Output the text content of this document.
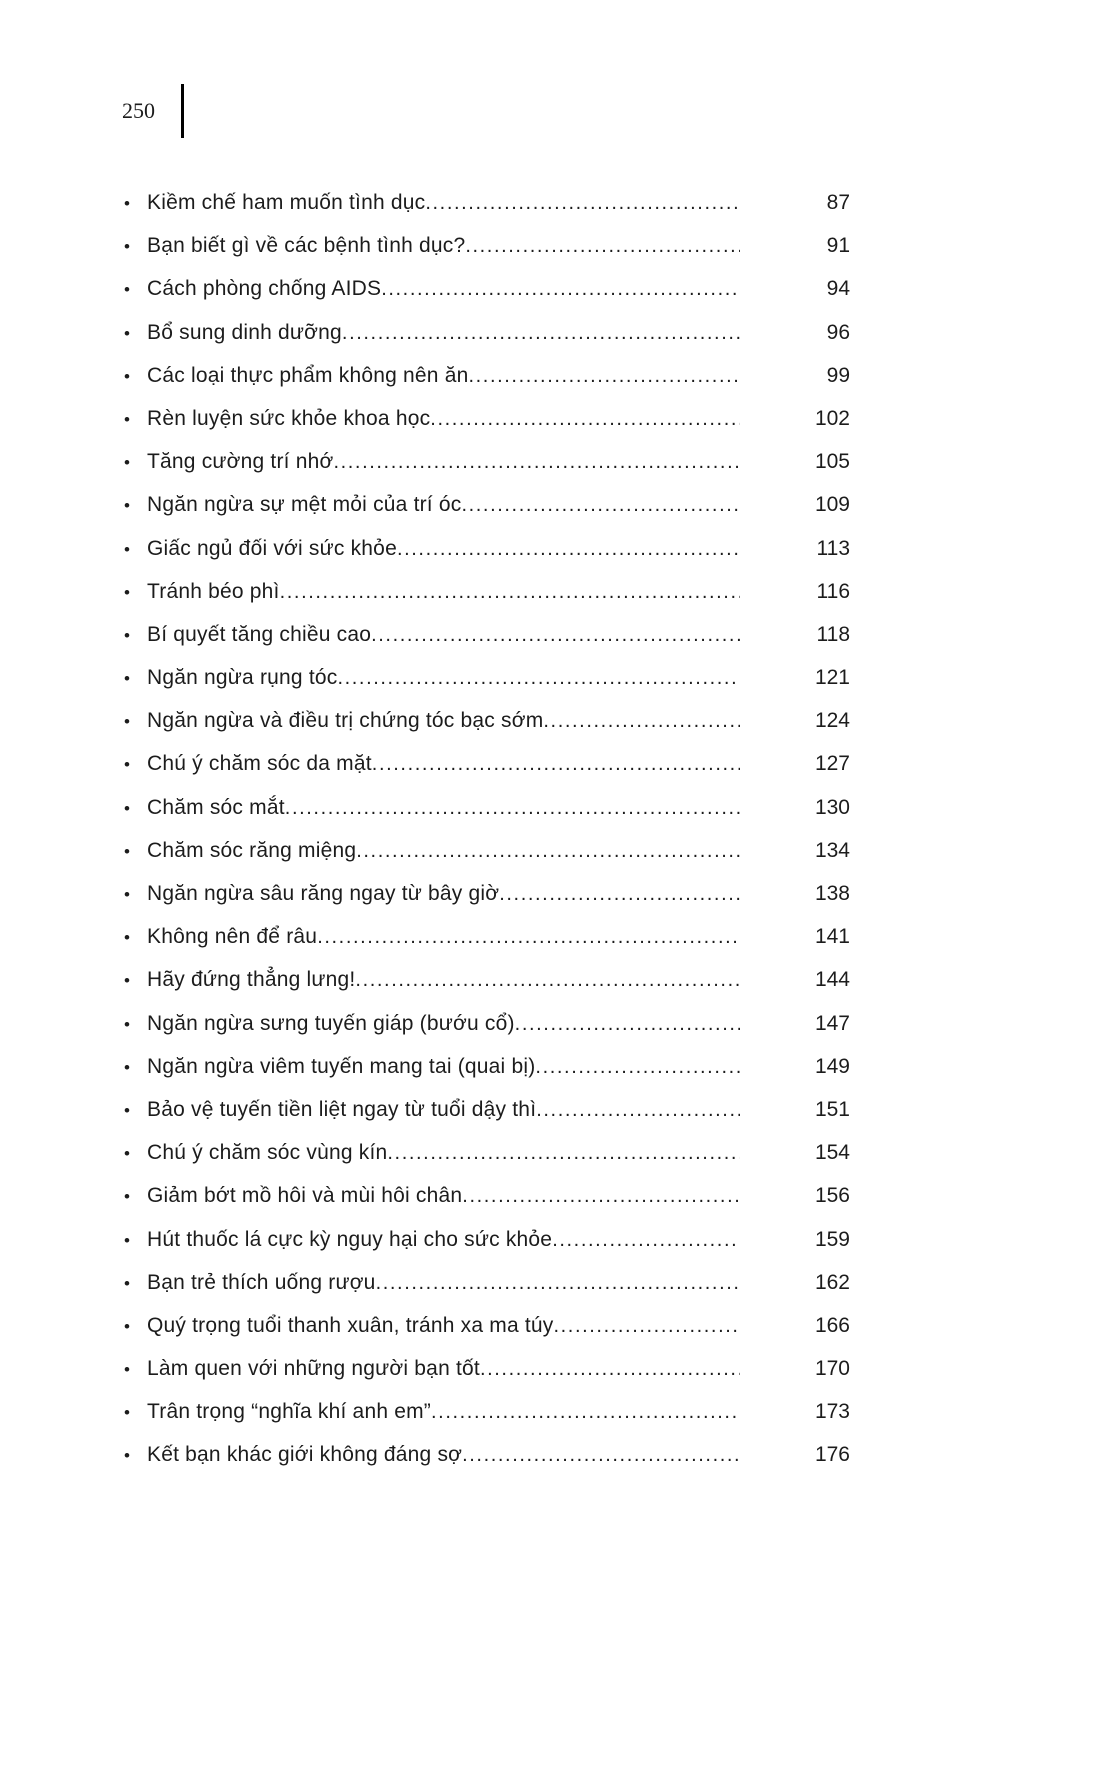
250
• Kiềm chế ham muốn tình dục .....	87
• Bạn biết gì về các bệnh tình dục? .....	91
• Cách phòng chống AIDS .....	94
• Bổ sung dinh dưỡng .....	96
• Các loại thực phẩm không nên ăn .....	99
• Rèn luyện sức khỏe khoa học .....	102
• Tăng cường trí nhớ .....	105
• Ngăn ngừa sự mệt mỏi của trí óc .....	109
• Giấc ngủ đối với sức khỏe .....	113
• Tránh béo phì .....	116
• Bí quyết tăng chiều cao .....	118
• Ngăn ngừa rụng tóc .....	121
• Ngăn ngừa và điều trị chứng tóc bạc sớm .....	124
• Chú ý chăm sóc da mặt .....	127
• Chăm sóc mắt .....	130
• Chăm sóc răng miệng .....	134
• Ngăn ngừa sâu răng ngay từ bây giờ .....	138
• Không nên để râu .....	141
• Hãy đứng thẳng lưng! .....	144
• Ngăn ngừa sưng tuyến giáp (bướu cổ) .....	147
• Ngăn ngừa viêm tuyến mang tai (quai bị) .....	149
• Bảo vệ tuyến tiền liệt ngay từ tuổi dậy thì .....	151
• Chú ý chăm sóc vùng kín .....	154
• Giảm bớt mồ hôi và mùi hôi chân .....	156
• Hút thuốc lá cực kỳ nguy hại cho sức khỏe .....	159
• Bạn trẻ thích uống rượu .....	162
• Quý trọng tuổi thanh xuân, tránh xa ma túy .....	166
• Làm quen với những người bạn tốt .....	170
• Trân trọng “nghĩa khí anh em” .....	173
• Kết bạn khác giới không đáng sợ .....	176
